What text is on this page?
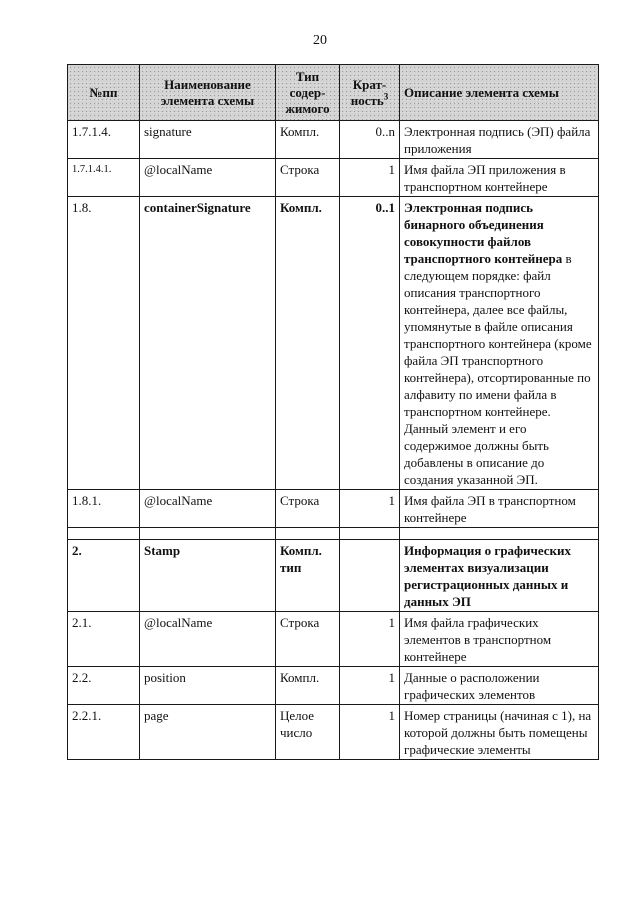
20
№пп	Наименование элемента схемы	Тип содер-жимого	Крат-ность$^3$	Описание элемента схемы
1.7.1.4.	signature	Компл.	0..n	Электронная подпись (ЭП) файла приложения
1.7.1.4.1.	@localName	Строка	1	Имя файла ЭП приложения в транспортном контейнере
1.8.	containerSignature	Компл.	0..1	Электронная подпись бинарного объединения совокупности файлов транспортного контейнера в следующем порядке: файл описания транспортного контейнера, далее все файлы, упомянутые в файле описания транспортного контейнера (кроме файла ЭП транспортного контейнера), отсортированные по алфавиту по имени файла в транспортном контейнере. Данный элемент и его содержимое должны быть добавлены в описание до создания указанной ЭП.
1.8.1.	@localName	Строка	1	Имя файла ЭП в транспортном контейнере

2.	Stamp	Компл. тип		Информация о графических элементах визуализации регистрационных данных и данных ЭП
2.1.	@localName	Строка	1	Имя файла графических элементов в транспортном контейнере
2.2.	position	Компл.	1	Данные о расположении графических элементов
2.2.1.	page	Целое число	1	Номер страницы (начиная с 1), на которой должны быть помещены графические элементы
